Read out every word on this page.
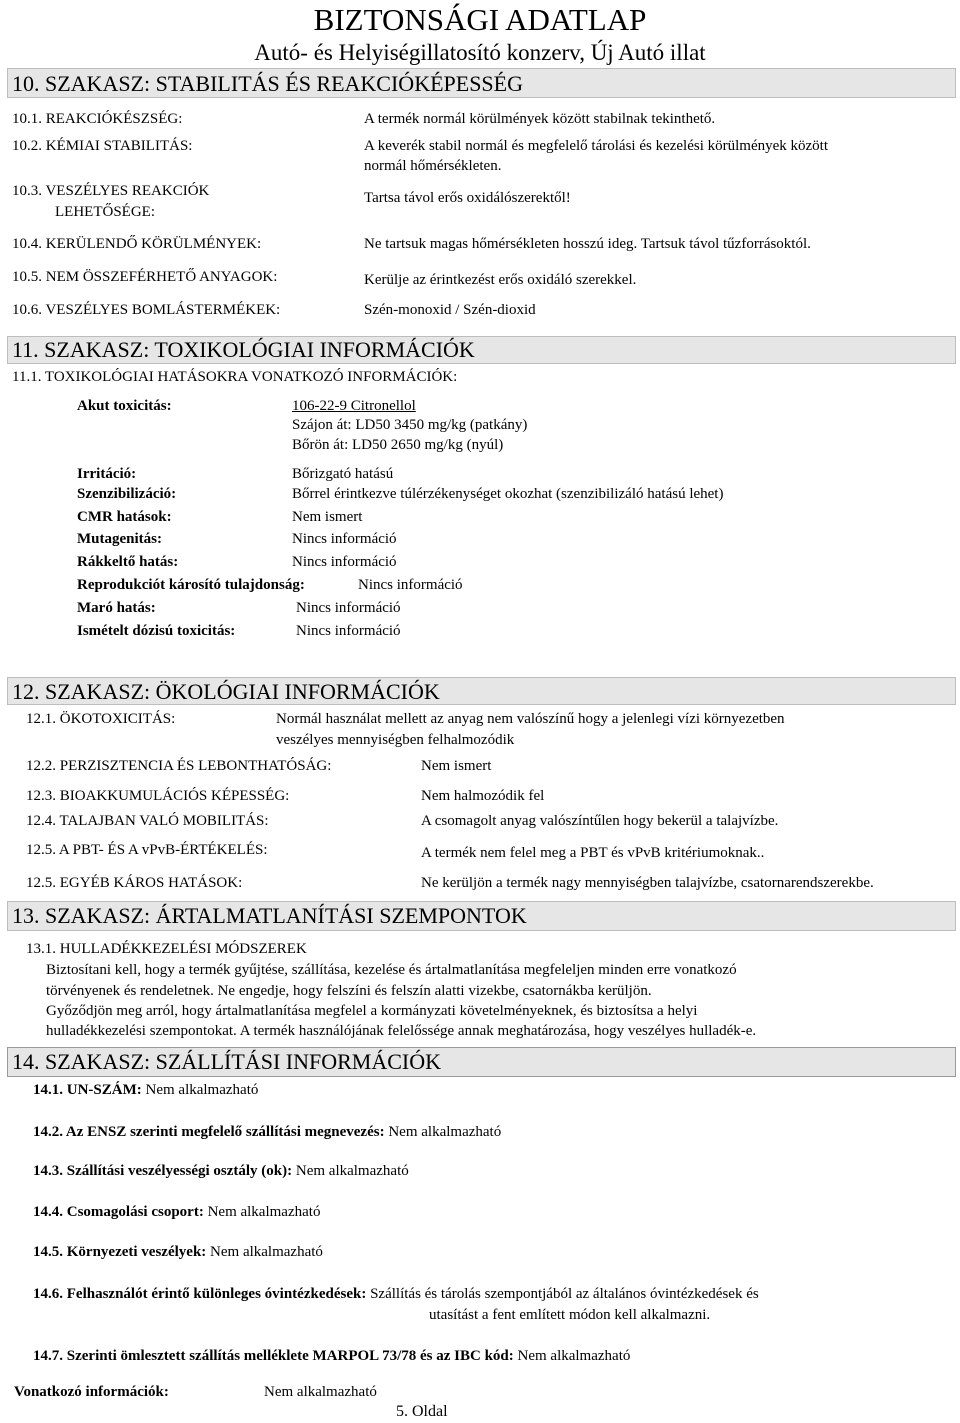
BIZTONSÁGI ADATLAP
Autó- és Helyiségillatosító konzerv, Új Autó illat
10. SZAKASZ: STABILITÁS ÉS REAKCIÓKÉPESSÉG
10.1. REAKCIÓKÉSZSÉG:	A termék normál körülmények között stabilnak tekinthető.
10.2. KÉMIAI STABILITÁS:	A keverék stabil normál és megfelelő tárolási és kezelési körülmények között
normál hőmérsékleten.
10.3. VESZÉLYES REAKCIÓK
LEHETŐSÉGE:
Tartsa távol erős oxidálószerektől!
10.4. KERÜLENDŐ KÖRÜLMÉNYEK:	Ne tartsuk magas hőmérsékleten hosszú ideg. Tartsuk távol tűzforrásoktól.
10.5. NEM ÖSSZEFÉRHETŐ ANYAGOK:	Kerülje az érintkezést erős oxidáló szerekkel.
10.6. VESZÉLYES BOMLÁSTERMÉKEK:	Szén-monoxid / Szén-dioxid
11. SZAKASZ: TOXIKOLÓGIAI INFORMÁCIÓK
11.1. TOXIKOLÓGIAI HATÁSOKRA VONATKOZÓ INFORMÁCIÓK:
Akut toxicitás:	106-22-9 Citronellol
Szájon át: LD50 3450 mg/kg (patkány)
Bőrön át: LD50 2650 mg/kg (nyúl)
Irritáció:	Bőrizgató hatású
Szenzibilizáció:	Bőrrel érintkezve túlérzékenységet okozhat (szenzibilizáló hatású lehet)
CMR hatások:	Nem ismert
Mutagenitás:	Nincs információ
Rákkeltő hatás:	Nincs információ
Reprodukciót károsító tulajdonság:	Nincs információ
Maró hatás:	Nincs információ
Ismételt dózisú toxicitás:	Nincs információ
12. SZAKASZ: ÖKOLÓGIAI INFORMÁCIÓK
12.1. ÖKOTOXICITÁS:	Normál használat mellett az anyag nem valószínű hogy a jelenlegi vízi környezetben
veszélyes mennyiségben felhalmozódik
12.2. PERZISZTENCIA ÉS LEBONTHATÓSÁG:	Nem ismert
12.3. BIOAKKUMULÁCIÓS KÉPESSÉG:	Nem halmozódik fel
12.4. TALAJBAN VALÓ MOBILITÁS:	A csomagolt anyag valószíntűlen hogy bekerül a talajvízbe.
12.5. A PBT- ÉS A vPvB-ÉRTÉKELÉS:	A termék nem felel meg a PBT és vPvB kritériumoknak..
12.5. EGYÉB KÁROS HATÁSOK:	Ne kerüljön a termék nagy mennyiségben talajvízbe, csatornarendszerekbe.
13. SZAKASZ: ÁRTALMATLANÍTÁSI SZEMPONTOK
13.1. HULLADÉKKEZELÉSI MÓDSZEREK
Biztosítani kell, hogy a termék gyűjtése, szállítása, kezelése és ártalmatlanítása megfeleljen minden erre vonatkozó
törvényenek és rendeletnek. Ne engedje, hogy felszíni és felszín alatti vizekbe, csatornákba kerüljön.
Győződjön meg arról, hogy ártalmatlanítása megfelel a kormányzati követelményeknek, és biztosítsa a helyi
hulladékkezelési szempontokat. A termék használójának felelőssége annak meghatározása, hogy veszélyes hulladék-e.
14. SZAKASZ: SZÁLLÍTÁSI INFORMÁCIÓK
14.1. UN-SZÁM: Nem alkalmazható
14.2. Az ENSZ szerinti megfelelő szállítási megnevezés: Nem alkalmazható
14.3. Szállítási veszélyességi osztály (ok): Nem alkalmazható
14.4. Csomagolási csoport: Nem alkalmazható
14.5. Környezeti veszélyek: Nem alkalmazható
14.6. Felhasználót érintő különleges óvintézkedések: Szállítás és tárolás szempontjából az általános óvintézkedések és
utasítást a fent említett módon kell alkalmazni.
14.7. Szerinti ömlesztett szállítás melléklete MARPOL 73/78 és az IBC kód: Nem alkalmazható
Vonatkozó információk:	Nem alkalmazható
5. Oldal
